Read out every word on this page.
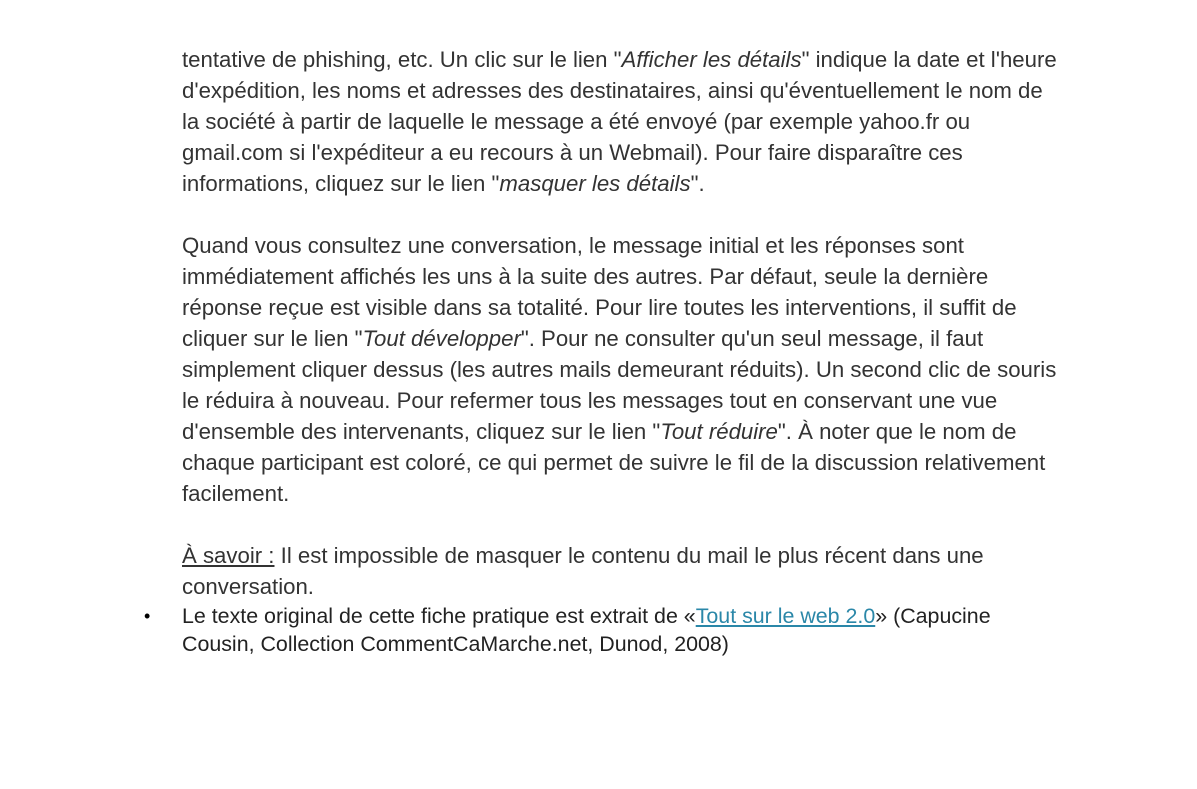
tentative de phishing, etc. Un clic sur le lien "Afficher les détails" indique la date et l'heure d'expédition, les noms et adresses des destinataires, ainsi qu'éventuellement le nom de la société à partir de laquelle le message a été envoyé (par exemple yahoo.fr ou gmail.com si l'expéditeur a eu recours à un Webmail). Pour faire disparaître ces informations, cliquez sur le lien "masquer les détails".

Quand vous consultez une conversation, le message initial et les réponses sont immédiatement affichés les uns à la suite des autres. Par défaut, seule la dernière réponse reçue est visible dans sa totalité. Pour lire toutes les interventions, il suffit de cliquer sur le lien "Tout développer". Pour ne consulter qu'un seul message, il faut simplement cliquer dessus (les autres mails demeurant réduits). Un second clic de souris le réduira à nouveau. Pour refermer tous les messages tout en conservant une vue d'ensemble des intervenants, cliquez sur le lien "Tout réduire". À noter que le nom de chaque participant est coloré, ce qui permet de suivre le fil de la discussion relativement facilement.

À savoir : Il est impossible de masquer le contenu du mail le plus récent dans une conversation.

• Le texte original de cette fiche pratique est extrait de «Tout sur le web 2.0» (Capucine Cousin, Collection CommentCaMarche.net, Dunod, 2008)
